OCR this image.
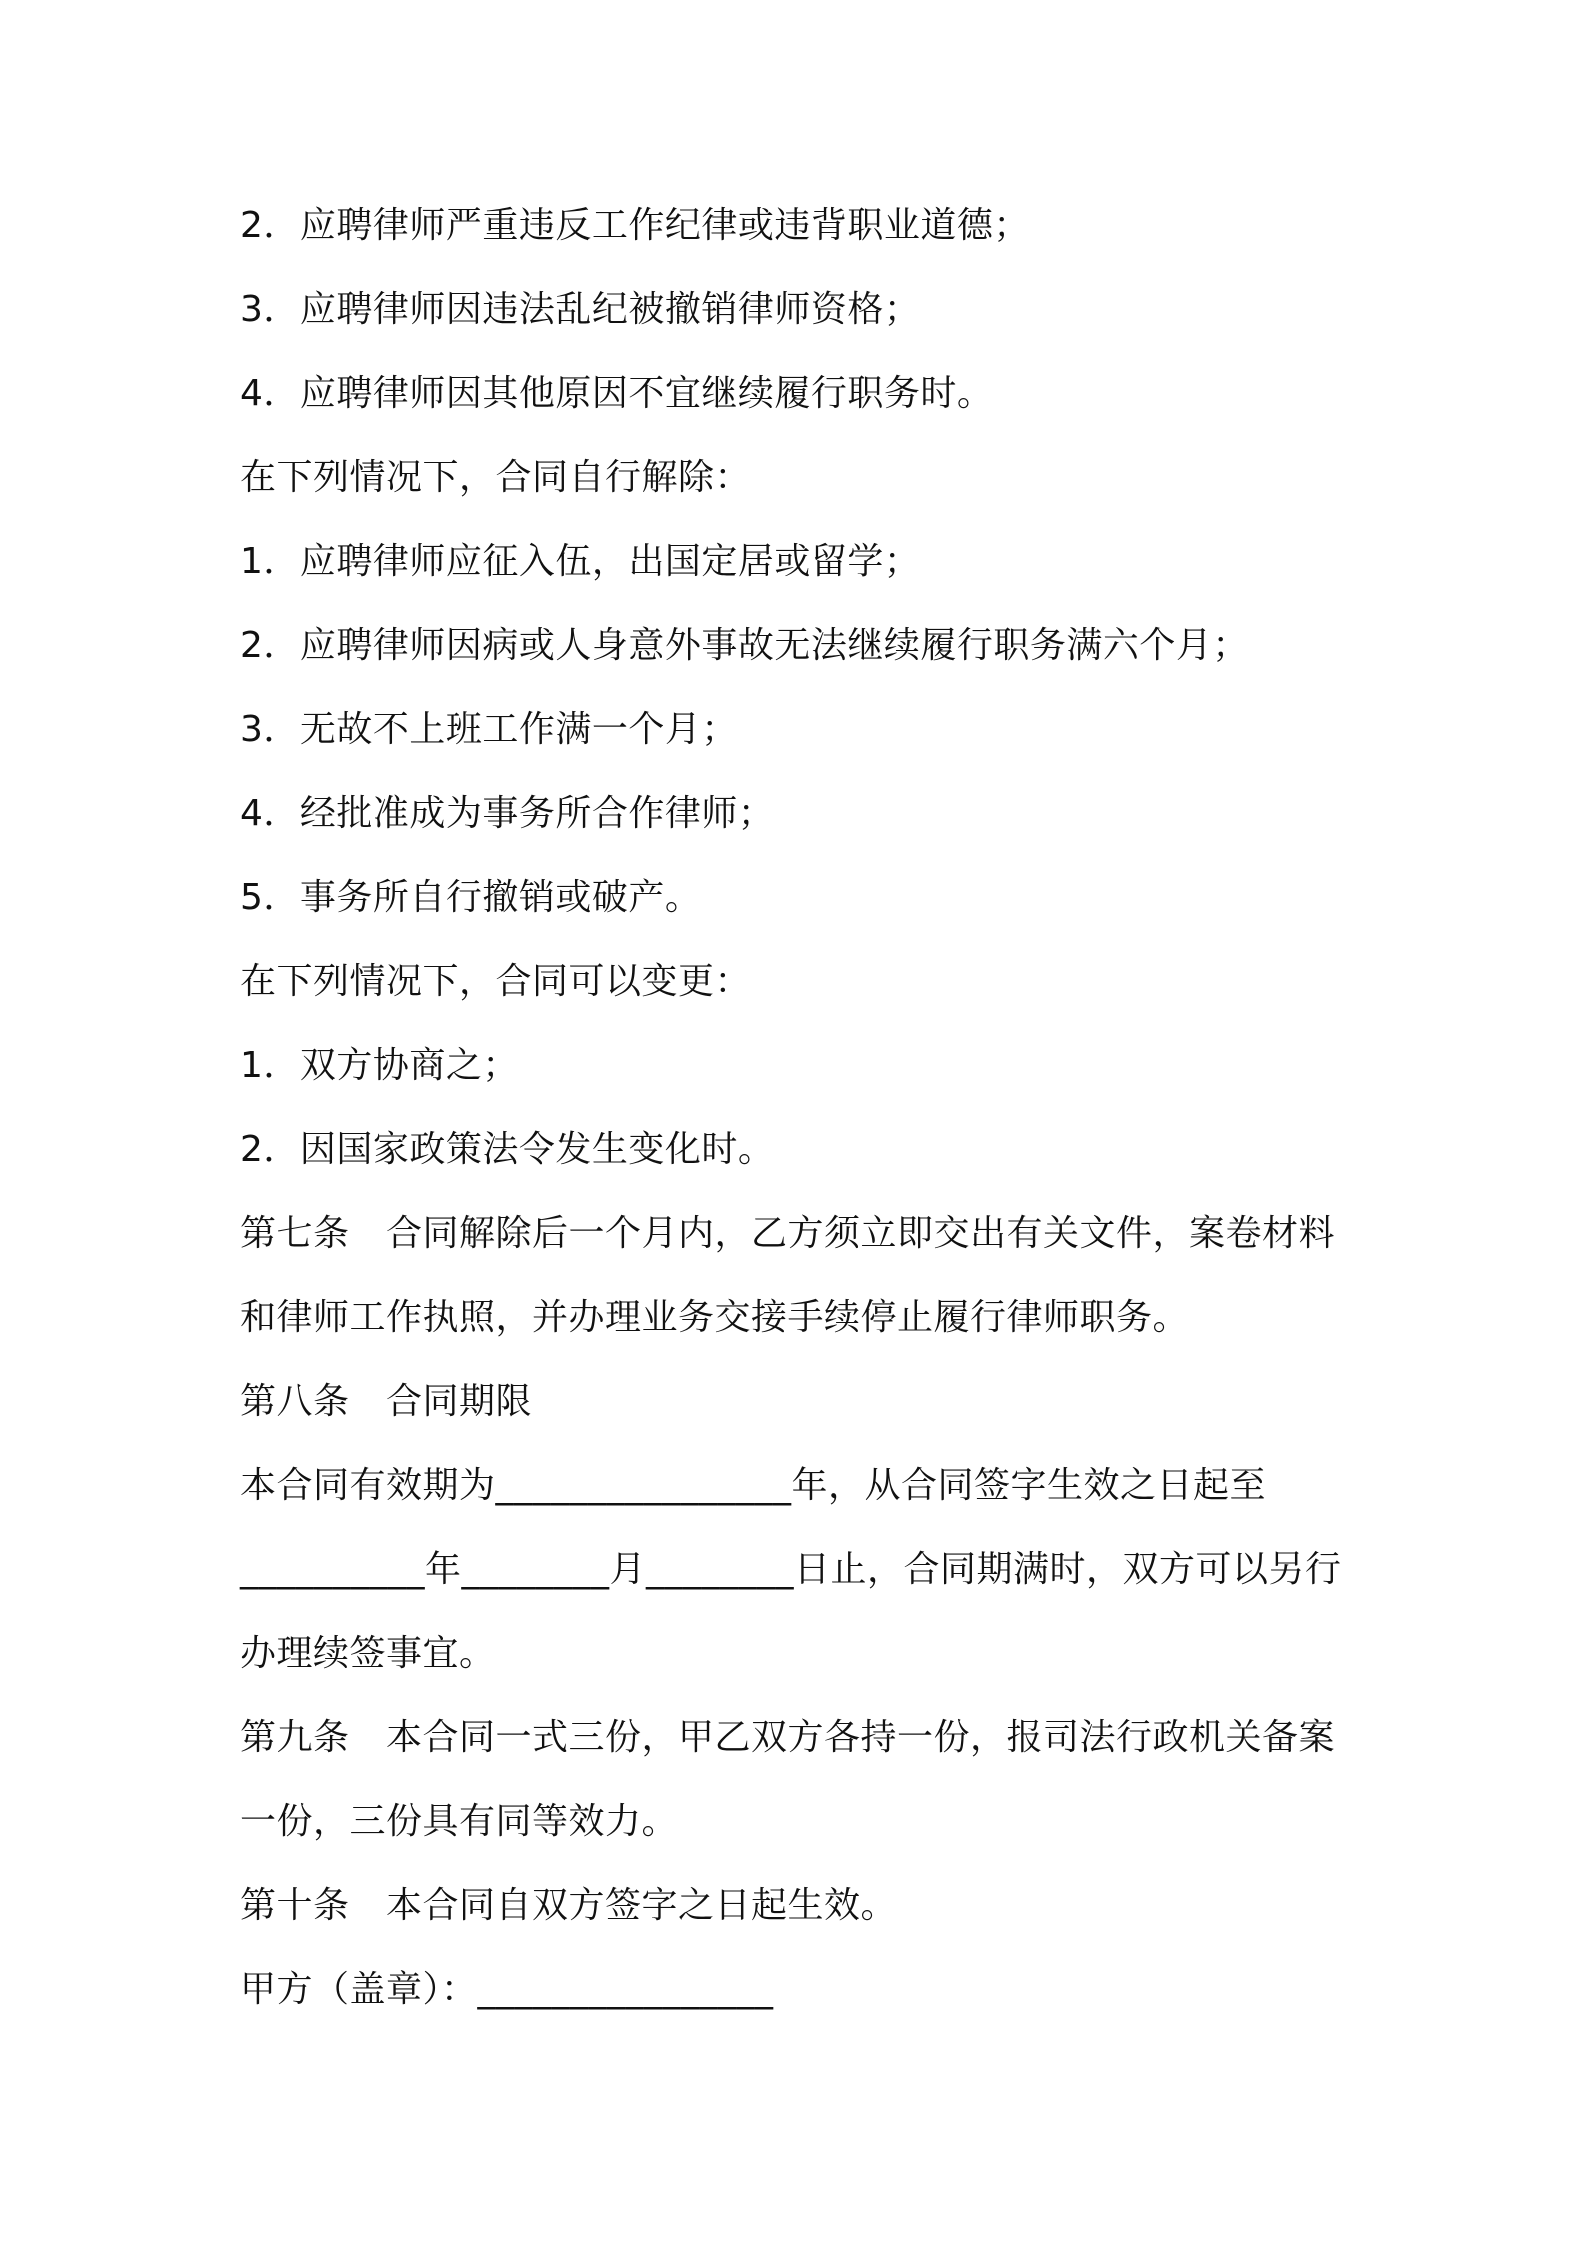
2．应聘律师严重违反工作纪律或违背职业道德；

3．应聘律师因违法乱纪被撤销律师资格；

4．应聘律师因其他原因不宜继续履行职务时。

在下列情况下，合同自行解除：

1．应聘律师应征入伍，出国定居或留学；

2．应聘律师因病或人身意外事故无法继续履行职务满六个月；

3．无故不上班工作满一个月；

4．经批准成为事务所合作律师；

5．事务所自行撤销或破产。

在下列情况下，合同可以变更：

1．双方协商之；

2．因国家政策法令发生变化时。

第七条　合同解除后一个月内，乙方须立即交出有关文件，案卷材料

和律师工作执照，并办理业务交接手续停止履行律师职务。

第八条　合同期限

本合同有效期为________________年，从合同签字生效之日起至

__________年________月________日止，合同期满时，双方可以另行

办理续签事宜。

第九条　本合同一式三份，甲乙双方各持一份，报司法行政机关备案

一份，三份具有同等效力。

第十条　本合同自双方签字之日起生效。

甲方（盖章）：________________
